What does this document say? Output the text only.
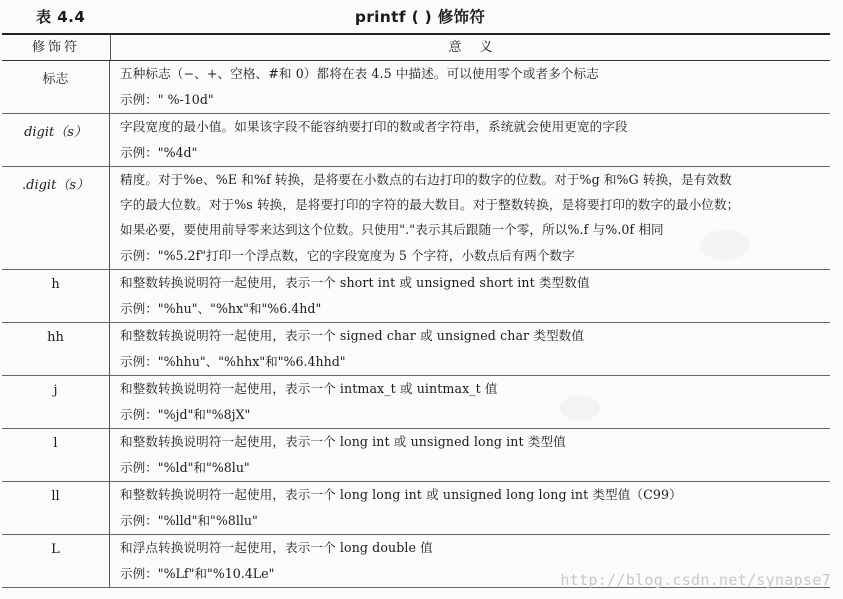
表 4.4	printf ( ) 修饰符
修饰符	意义
标志	五种标志（−、+、空格、#和 0）都将在表 4.5 中描述。可以使用零个或者多个标志
示例：" %-10d"
digit（s）	字段宽度的最小值。如果该字段不能容纳要打印的数或者字符串，系统就会使用更宽的字段
示例："%4d"
.digit（s）	精度。对于%e、%E 和%f 转换，是将要在小数点的右边打印的数字的位数。对于%g 和%G 转换，是有效数
字的最大位数。对于%s 转换，是将要打印的字符的最大数目。对于整数转换，是将要打印的数字的最小位数；
如果必要，要使用前导零来达到这个位数。只使用"."表示其后跟随一个零，所以%.f 与%.0f 相同
示例："%5.2f"打印一个浮点数，它的字段宽度为 5 个字符，小数点后有两个数字
h	和整数转换说明符一起使用，表示一个 short int 或 unsigned short int 类型数值
示例："%hu"、"%hx"和"%6.4hd"
hh	和整数转换说明符一起使用，表示一个 signed char 或 unsigned char 类型数值
示例："%hhu"、"%hhx"和"%6.4hhd"
j	和整数转换说明符一起使用，表示一个 intmax_t 或 uintmax_t 值
示例："%jd"和"%8jX"
l	和整数转换说明符一起使用，表示一个 long int 或 unsigned long int 类型值
示例："%ld"和"%8lu"
ll	和整数转换说明符一起使用，表示一个 long long int 或 unsigned long long int 类型值（C99）
示例："%lld"和"%8llu"
L	和浮点转换说明符一起使用，表示一个 long double 值
示例："%Lf"和"%10.4Le"	http://blog.csdn.net/synapse7
